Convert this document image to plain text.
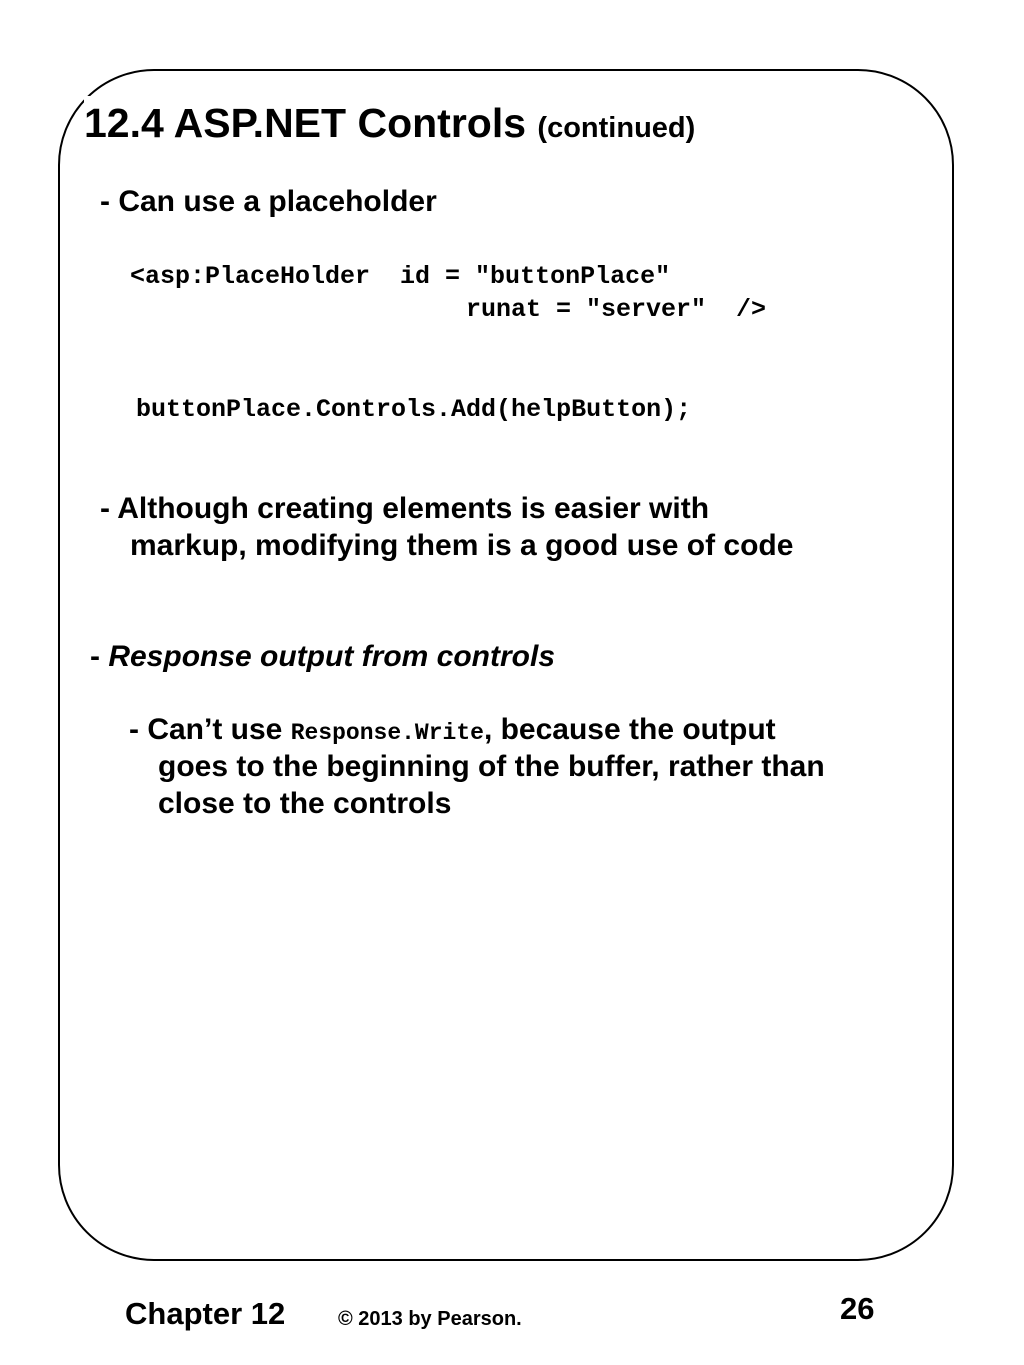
12.4 ASP.NET Controls (continued)

- Can use a placeholder

<asp:PlaceHolder  id = ″buttonPlace″

runat = ″server″  />

buttonPlace.Controls.Add(helpButton);

- Although creating elements is easier with

markup, modifying them is a good use of code

- Response output from controls

- Can’t use Response.Write, because the output

goes to the beginning of the buffer, rather than

close to the controls

Chapter 12	© 2013 by Pearson.	26
